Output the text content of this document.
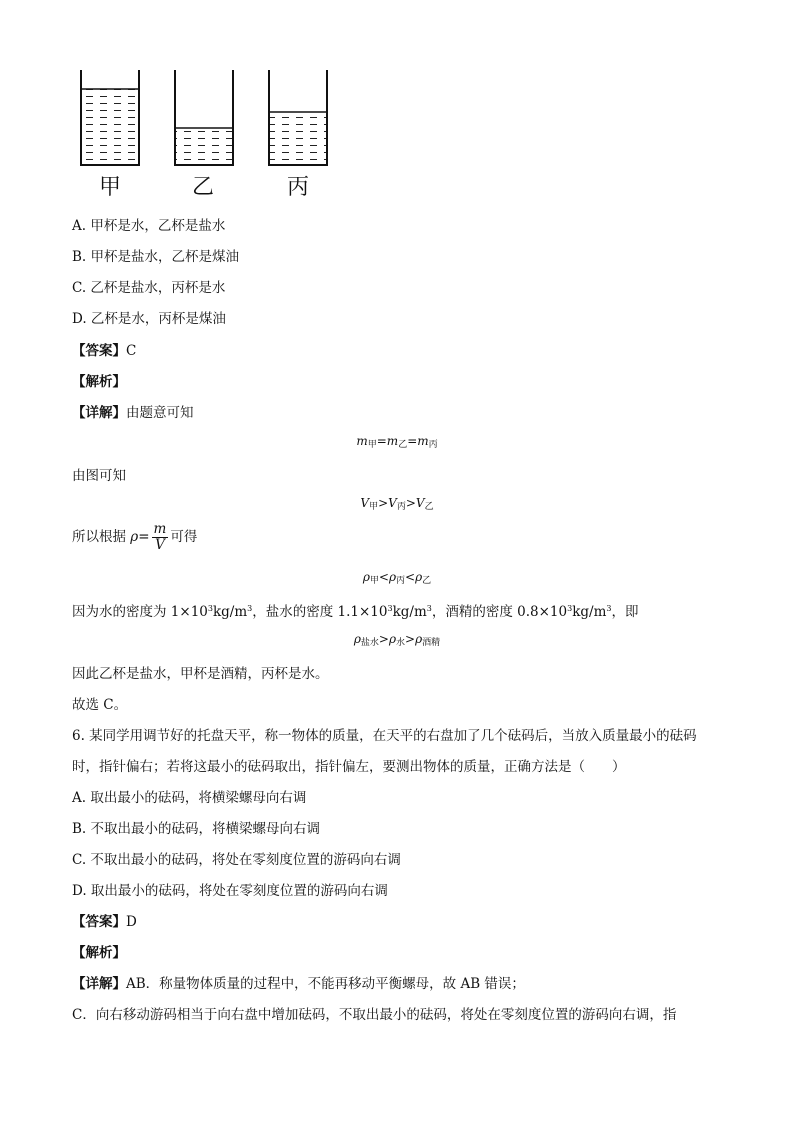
甲	乙	丙
A. 甲杯是水，乙杯是盐水
B. 甲杯是盐水，乙杯是煤油
C. 乙杯是盐水，丙杯是水
D. 乙杯是水，丙杯是煤油
【答案】C
【解析】
【详解】由题意可知
$m_甲=m_乙=m_丙$
由图可知
$V_甲>V_丙>V_乙$
所以根据 $\rho= \frac{m}{V}$ 可得
$\rho_甲<\rho_丙<\rho_乙$
因为水的密度为 $1\times 10^3kg/m^3$，盐水的密度 $1.1\times 10^3kg/m^3$，酒精的密度 $0.8\times 10^3kg/m^3$，即
$\rho_{盐水}>\rho_水>\rho_{酒精}$
因此乙杯是盐水，甲杯是酒精，丙杯是水。
故选 C。
6. 某同学用调节好的托盘天平，称一物体的质量，在天平的右盘加了几个砝码后，当放入质量最小的砝码
时，指针偏右；若将这最小的砝码取出，指针偏左，要测出物体的质量，正确方法是（　　）
A. 取出最小的砝码，将横梁螺母向右调
B. 不取出最小的砝码，将横梁螺母向右调
C. 不取出最小的砝码，将处在零刻度位置的游码向右调
D. 取出最小的砝码，将处在零刻度位置的游码向右调
【答案】D
【解析】
【详解】AB．称量物体质量的过程中，不能再移动平衡螺母，故 AB 错误；
C．向右移动游码相当于向右盘中增加砝码，不取出最小的砝码，将处在零刻度位置的游码向右调，指
